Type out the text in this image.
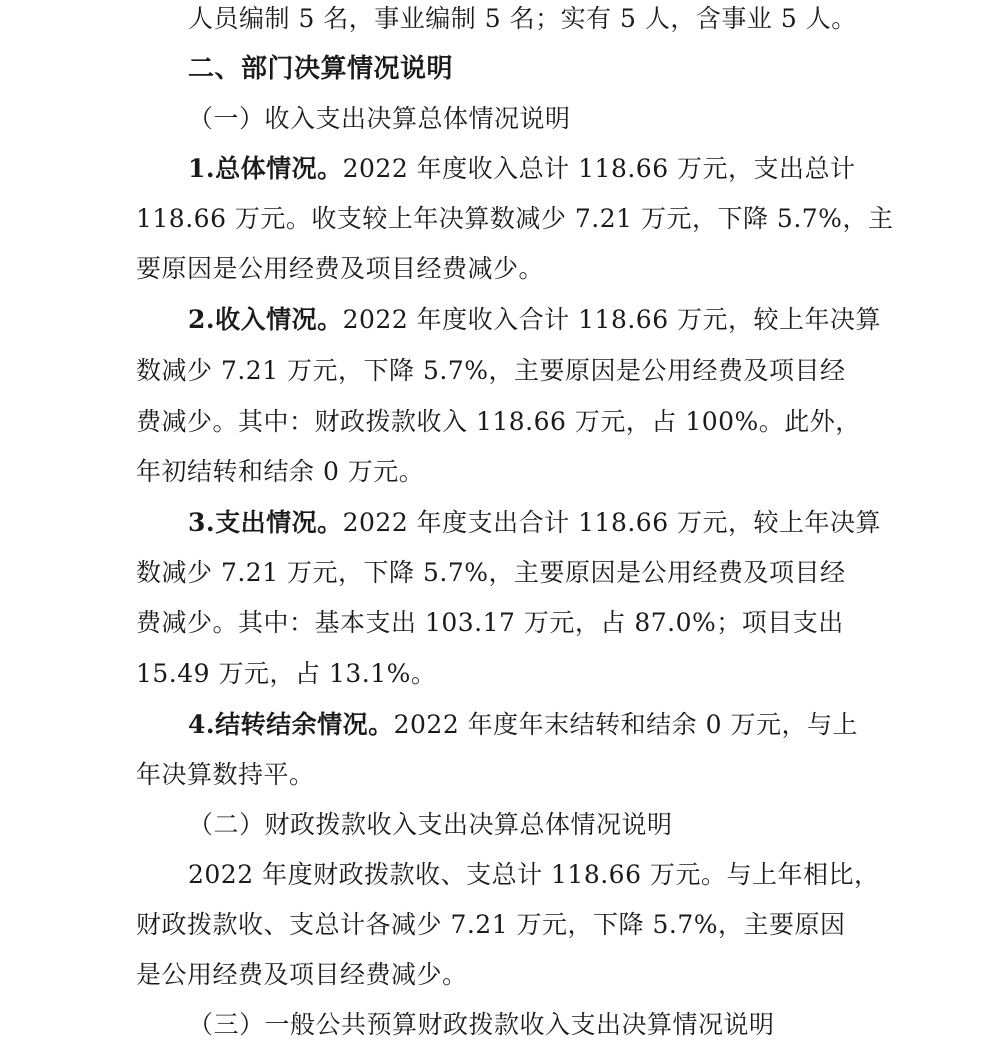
人员编制 5 名，事业编制 5 名；实有 5 人，含事业 5 人。
二、部门决算情况说明
（一）收入支出决算总体情况说明
1.总体情况。2022 年度收入总计 118.66 万元，支出总计
118.66 万元。收支较上年决算数减少 7.21 万元，下降 5.7%，主
要原因是公用经费及项目经费减少。
2.收入情况。2022 年度收入合计 118.66 万元，较上年决算
数减少 7.21 万元，下降 5.7%，主要原因是公用经费及项目经
费减少。其中：财政拨款收入 118.66 万元，占 100%。此外，
年初结转和结余 0 万元。
3.支出情况。2022 年度支出合计 118.66 万元，较上年决算
数减少 7.21 万元，下降 5.7%，主要原因是公用经费及项目经
费减少。其中：基本支出 103.17 万元，占 87.0%；项目支出
15.49 万元，占 13.1%。
4.结转结余情况。2022 年度年末结转和结余 0 万元，与上
年决算数持平。
（二）财政拨款收入支出决算总体情况说明
2022 年度财政拨款收、支总计 118.66 万元。与上年相比，
财政拨款收、支总计各减少 7.21 万元，下降 5.7%，主要原因
是公用经费及项目经费减少。
（三）一般公共预算财政拨款收入支出决算情况说明
